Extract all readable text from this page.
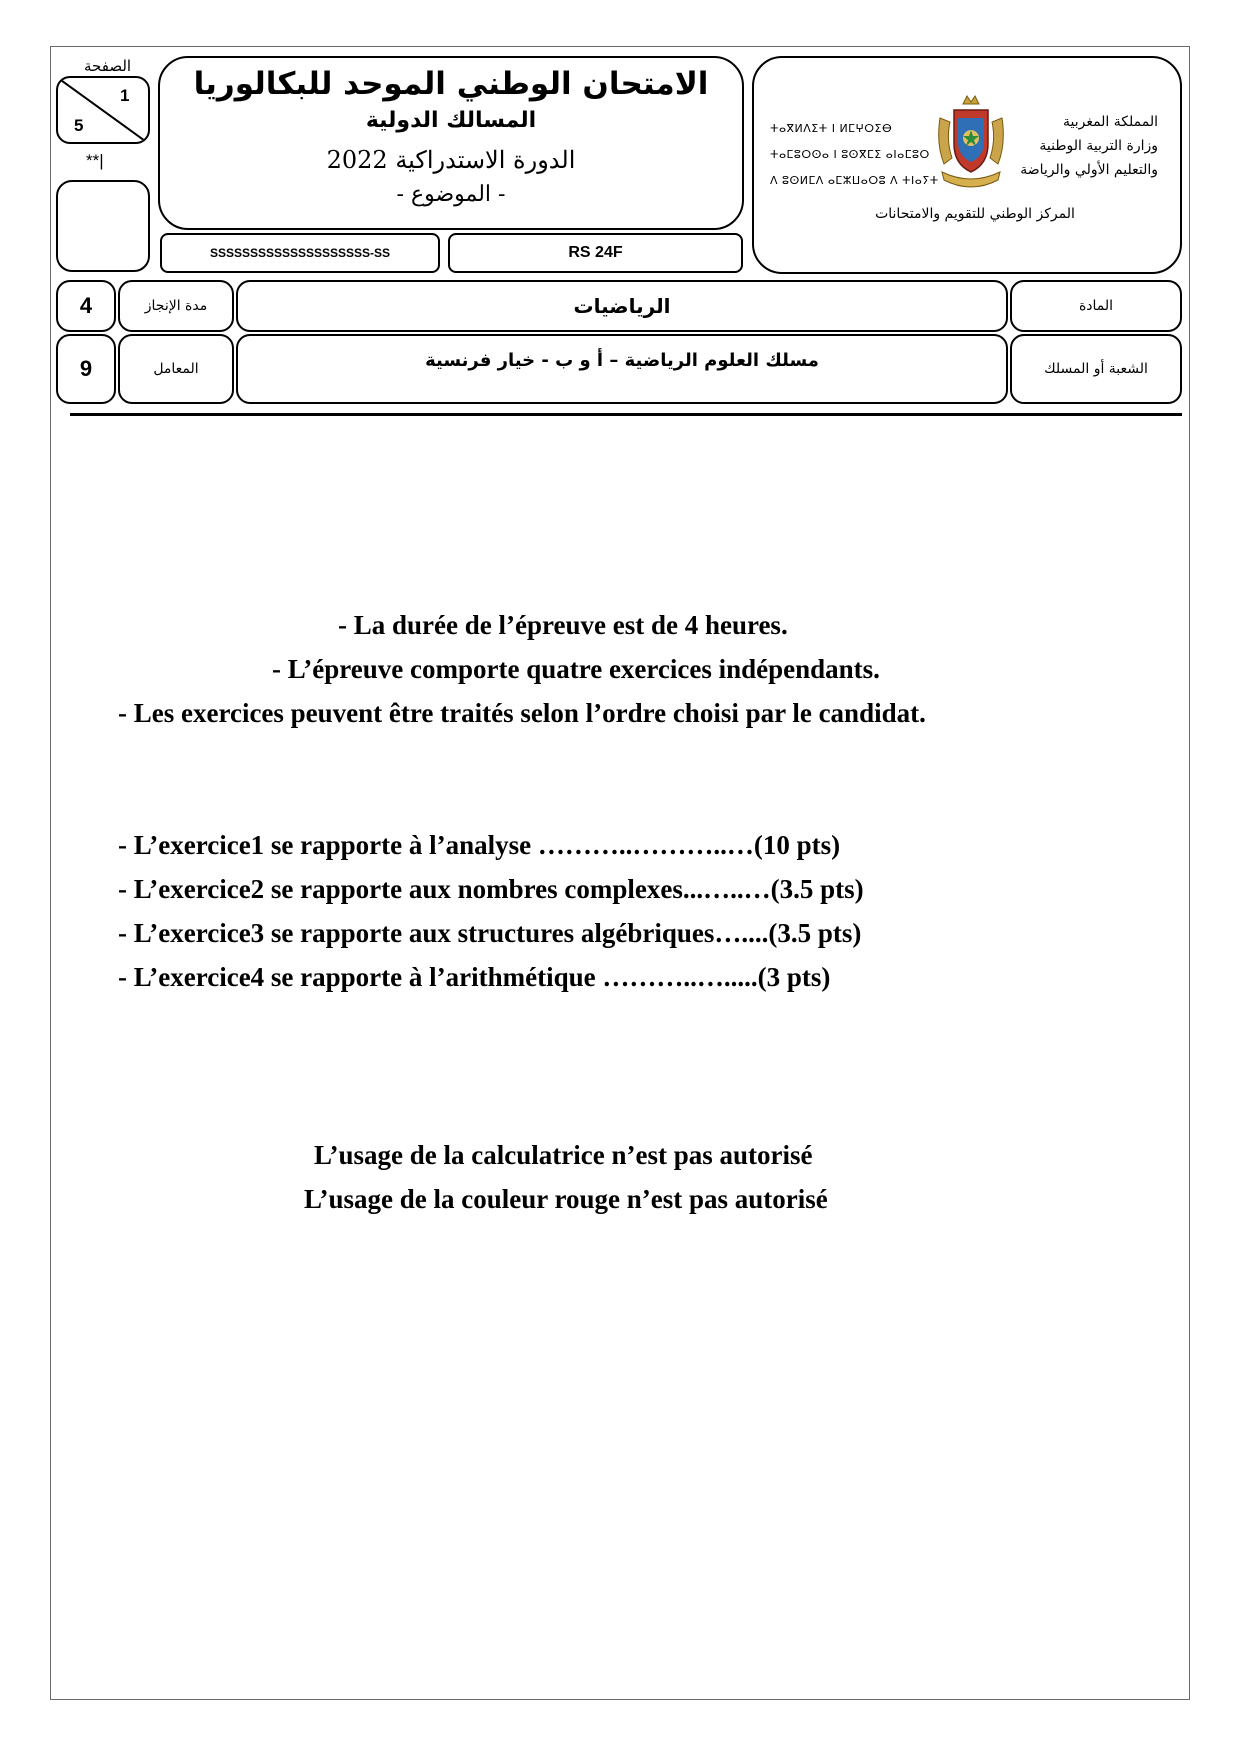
الصفحة
1
5
**|
الامتحان الوطني الموحد للبكالوريا
المسالك الدولية
الدورة الاستدراكية 2022
- الموضوع -
SSSSSSSSSSSSSSSSSSSS-SS	RS 24F
ⵜⴰⴳⵍⴷⵉⵜ ⵏ ⵍⵎⵖⵔⵉⴱ
ⵜⴰⵎⵓⵔⵙⴰ ⵏ ⵓⵙⴳⵎⵉ ⴰⵏⴰⵎⵓⵔ
ⴷ ⵓⵙⵍⵎⴷ ⴰⵎⵣⵡⴰⵔⵓ ⴷ ⵜⵏⴰⵢⵜ
المملكة المغربية
وزارة التربية الوطنية
والتعليم الأولي والرياضة
المركز الوطني للتقويم والامتحانات
4	مدة الإنجاز	الرياضيات	المادة
9	المعامل	مسلك العلوم الرياضية – أ و ب - خيار فرنسية	الشعبة أو المسلك
- La durée de l’épreuve est de 4 heures.
- L’épreuve comporte quatre exercices indépendants.
- Les exercices peuvent être traités selon l’ordre choisi par le candidat.
- L’exercice1 se rapporte à l’analyse ………..………..…(10 pts)
- L’exercice2 se rapporte aux nombres complexes...…..…(3.5 pts)
- L’exercice3 se rapporte aux structures algébriques…....(3.5 pts)
- L’exercice4 se rapporte à l’arithmétique ………..….....(3 pts)
L’usage de la calculatrice n’est pas autorisé
L’usage de la couleur rouge n’est pas autorisé
